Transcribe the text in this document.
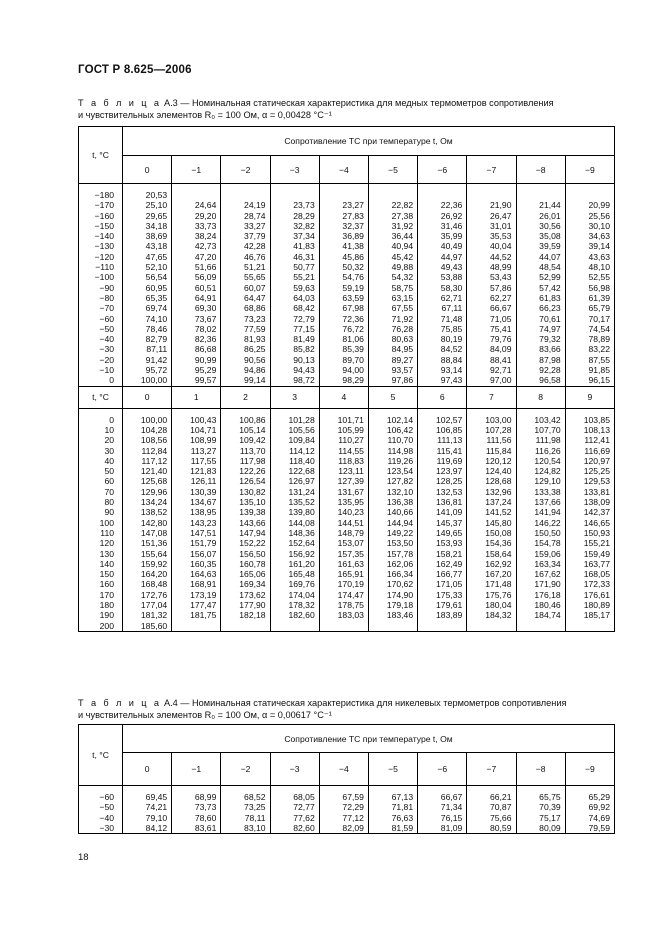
ГОСТ Р 8.625—2006
Т а б л и ц а А.3 — Номинальная статическая характеристика для медных термометров сопротивления
и чувствительных элементов R₀ = 100 Ом, α = 0,00428 °С⁻¹
t, °С	Сопротивление ТС при температуре t, Ом									
	0	−1	−2	−3	−4	−5	−6	−7	−8	−9
−180	20,53									
−170	25,10	24,64	24,19	23,73	23,27	22,82	22,36	21,90	21,44	20,99
−160	29,65	29,20	28,74	28,29	27,83	27,38	26,92	26,47	26,01	25,56
−150	34,18	33,73	33,27	32,82	32,37	31,92	31,46	31,01	30,56	30,10
−140	38,69	38,24	37,79	37,34	36,89	36,44	35,99	35,53	35,08	34,63
−130	43,18	42,73	42,28	41,83	41,38	40,94	40,49	40,04	39,59	39,14
−120	47,65	47,20	46,76	46,31	45,86	45,42	44,97	44,52	44,07	43,63
−110	52,10	51,66	51,21	50,77	50,32	49,88	49,43	48,99	48,54	48,10
−100	56,54	56,09	55,65	55,21	54,76	54,32	53,88	53,43	52,99	52,55
−90	60,95	60,51	60,07	59,63	59,19	58,75	58,30	57,86	57,42	56,98
−80	65,35	64,91	64,47	64,03	63,59	63,15	62,71	62,27	61,83	61,39
−70	69,74	69,30	68,86	68,42	67,98	67,55	67,11	66,67	66,23	65,79
−60	74,10	73,67	73,23	72,79	72,36	71,92	71,48	71,05	70,61	70,17
−50	78,46	78,02	77,59	77,15	76,72	76,28	75,85	75,41	74,97	74,54
−40	82,79	82,36	81,93	81,49	81,06	80,63	80,19	79,76	79,32	78,89
−30	87,11	86,68	86,25	85,82	85,39	84,95	84,52	84,09	83,66	83,22
−20	91,42	90,99	90,56	90,13	89,70	89,27	88,84	88,41	87,98	87,55
−10	95,72	95,29	94,86	94,43	94,00	93,57	93,14	92,71	92,28	91,85
0	100,00	99,57	99,14	98,72	98,29	97,86	97,43	97,00	96,58	96,15
t, °С	0	1	2	3	4	5	6	7	8	9
0	100,00	100,43	100,86	101,28	101,71	102,14	102,57	103,00	103,42	103,85
10	104,28	104,71	105,14	105,56	105,99	106,42	106,85	107,28	107,70	108,13
20	108,56	108,99	109,42	109,84	110,27	110,70	111,13	111,56	111,98	112,41
30	112,84	113,27	113,70	114,12	114,55	114,98	115,41	115,84	116,26	116,69
40	117,12	117,55	117,98	118,40	118,83	119,26	119,69	120,12	120,54	120,97
50	121,40	121,83	122,26	122,68	123,11	123,54	123,97	124,40	124,82	125,25
60	125,68	126,11	126,54	126,97	127,39	127,82	128,25	128,68	129,10	129,53
70	129,96	130,39	130,82	131,24	131,67	132,10	132,53	132,96	133,38	133,81
80	134,24	134,67	135,10	135,52	135,95	136,38	136,81	137,24	137,66	138,09
90	138,52	138,95	139,38	139,80	140,23	140,66	141,09	141,52	141,94	142,37
100	142,80	143,23	143,66	144,08	144,51	144,94	145,37	145,80	146,22	146,65
110	147,08	147,51	147,94	148,36	148,79	149,22	149,65	150,08	150,50	150,93
120	151,36	151,79	152,22	152,64	153,07	153,50	153,93	154,36	154,78	155,21
130	155,64	156,07	156,50	156,92	157,35	157,78	158,21	158,64	159,06	159,49
140	159,92	160,35	160,78	161,20	161,63	162,06	162,49	162,92	163,34	163,77
150	164,20	164,63	165,06	165,48	165,91	166,34	166,77	167,20	167,62	168,05
160	168,48	168,91	169,34	169,76	170,19	170,62	171,05	171,48	171,90	172,33
170	172,76	173,19	173,62	174,04	174,47	174,90	175,33	175,76	176,18	176,61
180	177,04	177,47	177,90	178,32	178,75	179,18	179,61	180,04	180,46	180,89
190	181,32	181,75	182,18	182,60	183,03	183,46	183,89	184,32	184,74	185,17
200	185,60									
Т а б л и ц а А.4 — Номинальная статическая характеристика для никелевых термометров сопротивления
и чувствительных элементов R₀ = 100 Ом, α = 0,00617 °С⁻¹
t, °С	Сопротивление ТС при температуре t, Ом									
	0	−1	−2	−3	−4	−5	−6	−7	−8	−9
−60	69,45	68,99	68,52	68,05	67,59	67,13	66,67	66,21	65,75	65,29
−50	74,21	73,73	73,25	72,77	72,29	71,81	71,34	70,87	70,39	69,92
−40	79,10	78,60	78,11	77,62	77,12	76,63	76,15	75,66	75,17	74,69
−30	84,12	83,61	83,10	82,60	82,09	81,59	81,09	80,59	80,09	79,59
18
